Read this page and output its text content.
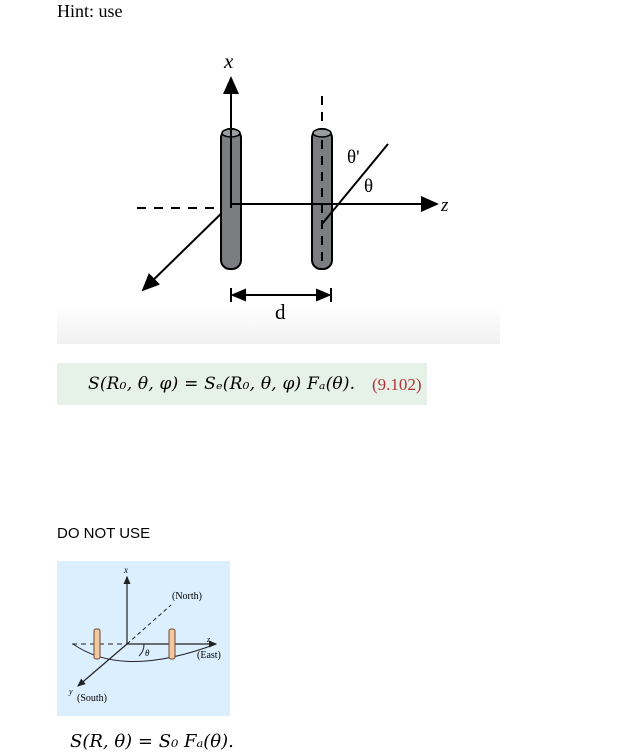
Hint: use
x
z
θ'
θ
d
S(R₀, θ, φ) = Sₑ(R₀, θ, φ) Fₐ(θ). (9.102)
DO NOT USE
x
(North)
z
(East)
y
(South)
θ
S(R, θ) = S₀ Fₐ(θ).
